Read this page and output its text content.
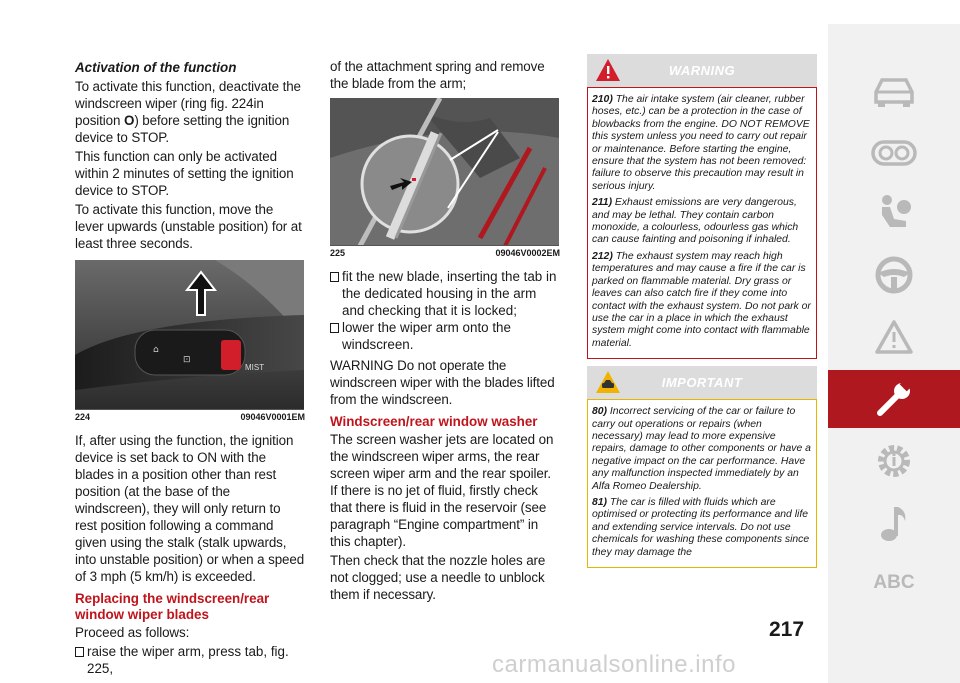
Activation of the function

To activate this function, deactivate the windscreen wiper (ring fig. 224in position O) before setting the ignition device to STOP.

This function can only be activated within 2 minutes of setting the ignition device to STOP.

To activate this function, move the lever upwards (unstable position) for at least three seconds.

MIST
⌂
⊡
224	09046V0001EM

If, after using the function, the ignition device is set back to ON with the blades in a position other than rest position (at the base of the windscreen), they will only return to rest position following a command given using the stalk (stalk upwards, into unstable position) or when a speed of 3 mph (5 km/h) is exceeded.

Replacing the windscreen/rear window wiper blades

Proceed as follows:

raise the wiper arm, press tab, fig. 225,

of the attachment spring and remove the blade from the arm;

225	09046V0002EM

fit the new blade, inserting the tab in the dedicated housing in the arm and checking that it is locked;

lower the wiper arm onto the windscreen.

WARNING Do not operate the windscreen wiper with the blades lifted from the windscreen.

Windscreen/rear window washer

The screen washer jets are located on the windscreen wiper arms, the rear screen wiper arm and the rear spoiler. If there is no jet of fluid, firstly check that there is fluid in the reservoir (see paragraph “Engine compartment” in this chapter).

Then check that the nozzle holes are not clogged; use a needle to unblock them if necessary.

WARNING

210) The air intake system (air cleaner, rubber hoses, etc.) can be a protection in the case of blowbacks from the engine. DO NOT REMOVE this system unless you need to carry out repair or maintenance. Before starting the engine, ensure that the system has not been removed: failure to observe this precaution may result in serious injury.

211) Exhaust emissions are very dangerous, and may be lethal. They contain carbon monoxide, a colourless, odourless gas which can cause fainting and poisoning if inhaled.

212) The exhaust system may reach high temperatures and may cause a fire if the car is parked on flammable material. Dry grass or leaves can also catch fire if they come into contact with the exhaust system. Do not park or use the car in a place in which the exhaust system might come into contact with flammable material.

IMPORTANT

80) Incorrect servicing of the car or failure to carry out operations or repairs (when necessary) may lead to more expensive repairs, damage to other components or have a negative impact on the car performance. Have any malfunction inspected immediately by an Alfa Romeo Dealership.

81) The car is filled with fluids which are optimised or protecting its performance and life and extending service intervals. Do not use chemicals for washing these components since they may damage the

ABC
217
carmanualsonline.info
